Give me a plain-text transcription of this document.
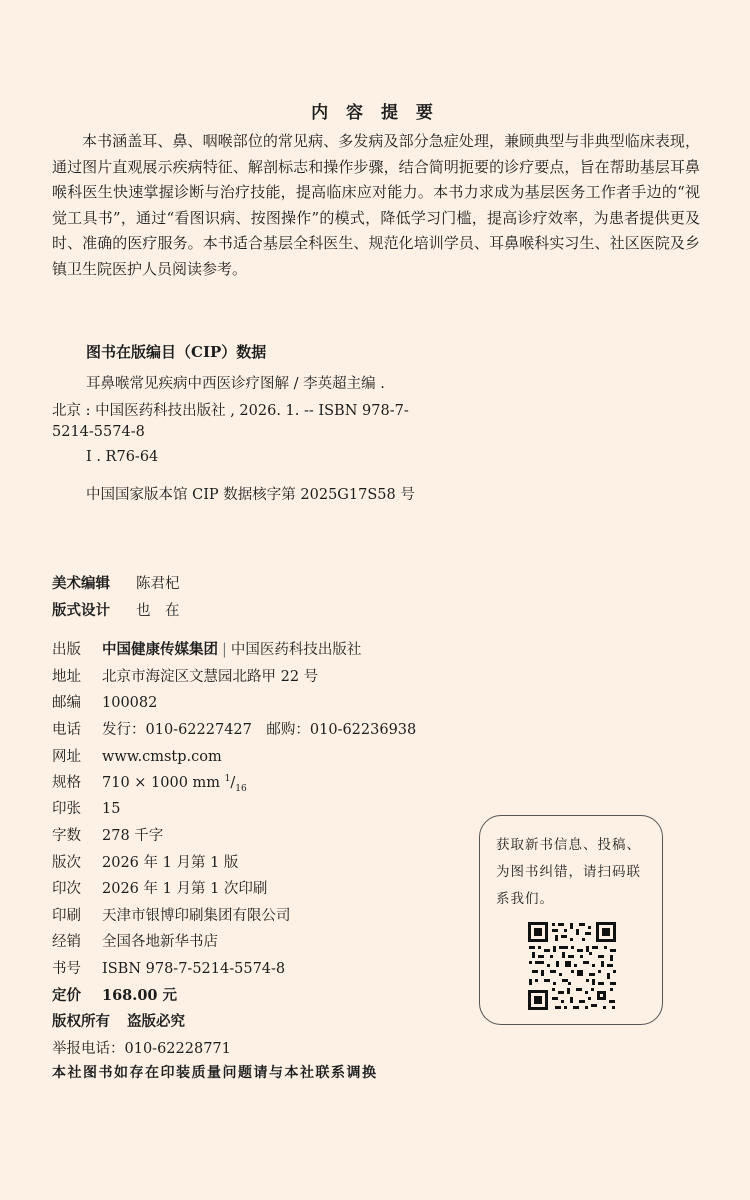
内 容 提 要

本书涵盖耳、鼻、咽喉部位的常见病、多发病及部分急症处理，兼顾典型与非典型临床表现，通过图片直观展示疾病特征、解剖标志和操作步骤，结合简明扼要的诊疗要点，旨在帮助基层耳鼻喉科医生快速掌握诊断与治疗技能，提高临床应对能力。本书力求成为基层医务工作者手边的“视觉工具书”，通过“看图识病、按图操作”的模式，降低学习门槛，提高诊疗效率，为患者提供更及时、准确的医疗服务。本书适合基层全科医生、规范化培训学员、耳鼻喉科实习生、社区医院及乡镇卫生院医护人员阅读参考。

图书在版编目（CIP）数据
耳鼻喉常见疾病中西医诊疗图解 / 李英超主编 .
北京 : 中国医药科技出版社 , 2026. 1. -- ISBN 978-7-
5214-5574-8
Ⅰ . R76-64
中国国家版本馆 CIP 数据核字第 2025G17S58 号
美术编辑 陈君杞
版式设计 也　在
出版 中国健康传媒集团 | 中国医药科技出版社
地址 北京市海淀区文慧园北路甲 22 号
邮编 100082
电话 发行：010-62227427　邮购：010-62236938
网址 www.cmstp.com
规格 710 × 1000 mm $^1/_{16}$
印张 15
字数 278 千字
版次 2026 年 1 月第 1 版
印次 2026 年 1 月第 1 次印刷
印刷 天津市银博印刷集团有限公司
经销 全国各地新华书店
书号 ISBN 978-7-5214-5574-8
定价 168.00 元
版权所有 盗版必究
举报电话：010-62228771
本社图书如存在印装质量问题请与本社联系调换
获取新书信息、投稿、为图书纠错，请扫码联系我们。
